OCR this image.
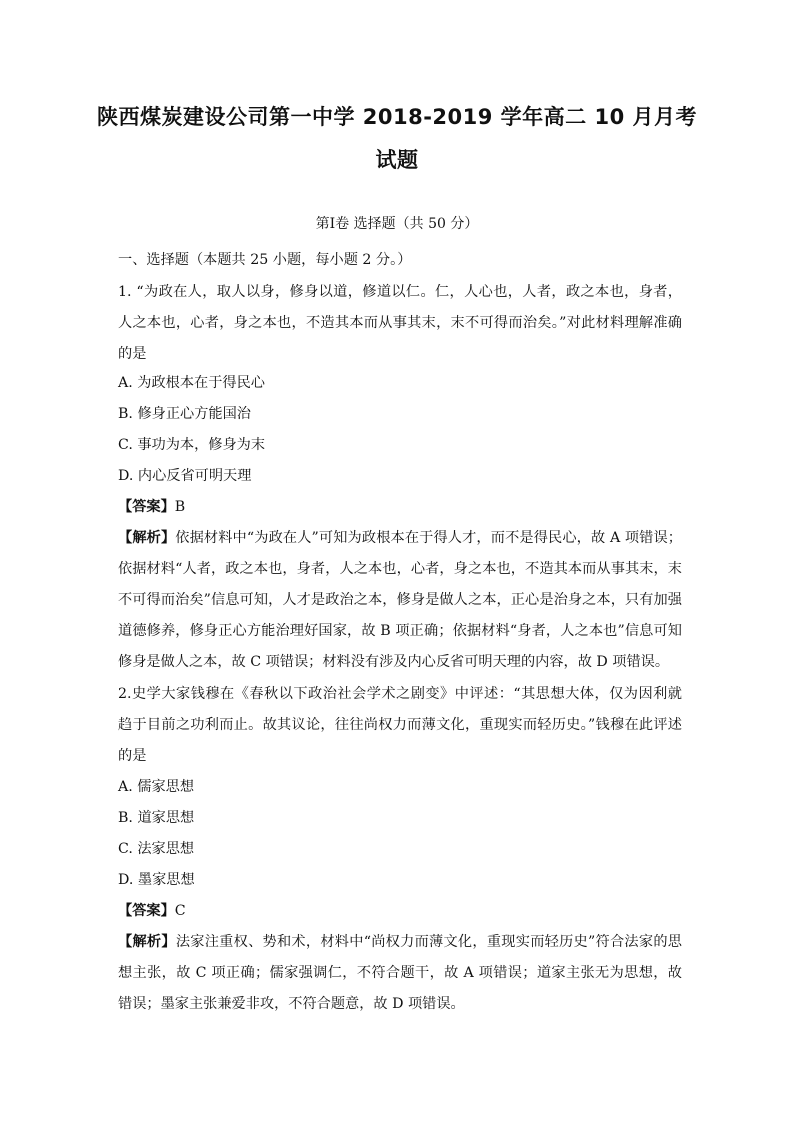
陕西煤炭建设公司第一中学 2018-2019 学年高二 10 月月考
试题
第Ⅰ卷 选择题（共 50 分）
一、选择题（本题共 25 小题，每小题 2 分。）
1. “为政在人，取人以身，修身以道，修道以仁。仁，人心也，人者，政之本也，身者，
人之本也，心者，身之本也，不造其本而从事其末，末不可得而治矣。”对此材料理解准确
的是
A. 为政根本在于得民心
B. 修身正心方能国治
C. 事功为本，修身为末
D. 内心反省可明天理
【答案】B
【解析】依据材料中“为政在人”可知为政根本在于得人才，而不是得民心，故 A 项错误；
依据材料“人者，政之本也，身者，人之本也，心者，身之本也，不造其本而从事其末，末
不可得而治矣”信息可知，人才是政治之本，修身是做人之本，正心是治身之本，只有加强
道德修养，修身正心方能治理好国家，故 B 项正确；依据材料“身者，人之本也”信息可知
修身是做人之本，故 C 项错误；材料没有涉及内心反省可明天理的内容，故 D 项错误。
2.史学大家钱穆在《春秋以下政治社会学术之剧变》中评述：“其思想大体，仅为因利就
趋于目前之功利而止。故其议论，往往尚权力而薄文化，重现实而轻历史。”钱穆在此评述
的是
A. 儒家思想
B. 道家思想
C. 法家思想
D. 墨家思想
【答案】C
【解析】法家注重权、势和术，材料中“尚权力而薄文化，重现实而轻历史”符合法家的思
想主张，故 C 项正确；儒家强调仁，不符合题干，故 A 项错误；道家主张无为思想，故
错误；墨家主张兼爱非攻，不符合题意，故 D 项错误。
